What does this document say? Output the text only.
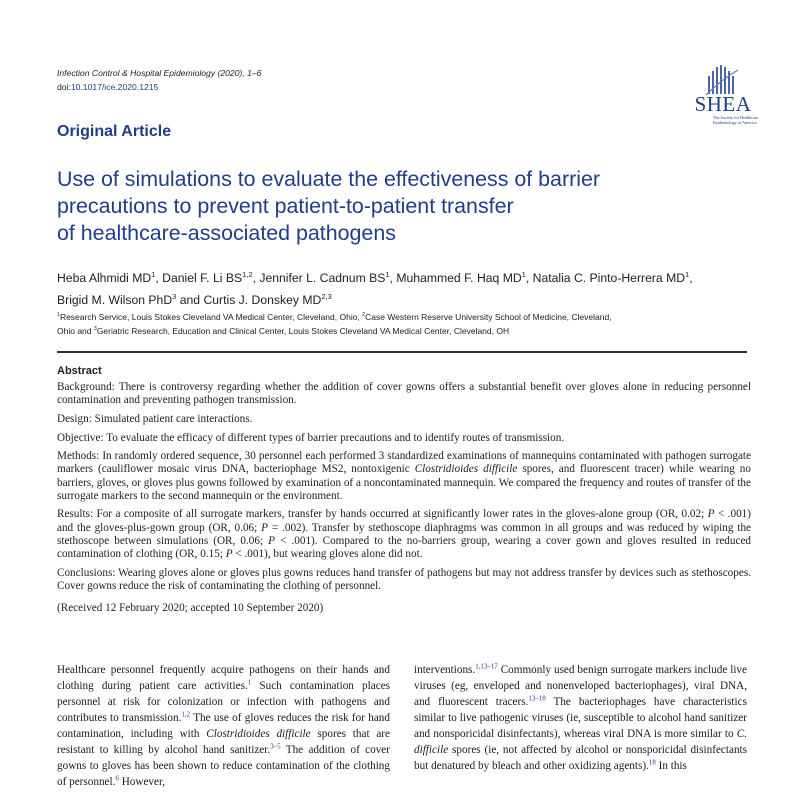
Infection Control & Hospital Epidemiology (2020), 1–6
doi:10.1017/ice.2020.1215
SHEA
The Society for Healthcare Epidemiology of America
Original Article
Use of simulations to evaluate the effectiveness of barrier
precautions to prevent patient-to-patient transfer
of healthcare-associated pathogens
Heba Alhmidi $MD^1$, Daniel F. Li BS$^{1,2}$, Jennifer L. Cadnum $BS^1$, Muhammed F. Haq $MD^1$, Natalia C. Pinto-Herrera $MD^1$,
Brigid M. Wilson PhD$^3$ and Curtis J. Donskey MD$^{2,3}$
$^1$Research Service, Louis Stokes Cleveland VA Medical Center, Cleveland, Ohio, $^2$Case Western Reserve University School of Medicine, Cleveland,
Ohio and $^3$Geriatric Research, Education and Clinical Center, Louis Stokes Cleveland VA Medical Center, Cleveland, OH
Abstract

Background: There is controversy regarding whether the addition of cover gowns offers a substantial benefit over gloves alone in reducing personnel contamination and preventing pathogen transmission.

Design: Simulated patient care interactions.

Objective: To evaluate the efficacy of different types of barrier precautions and to identify routes of transmission.

Methods: In randomly ordered sequence, 30 personnel each performed 3 standardized examinations of mannequins contaminated with pathogen surrogate markers (cauliflower mosaic virus DNA, bacteriophage MS2, nontoxigenic Clostridioides difficile spores, and fluorescent tracer) while wearing no barriers, gloves, or gloves plus gowns followed by examination of a noncontaminated mannequin. We compared the frequency and routes of transfer of the surrogate markers to the second mannequin or the environment.

Results: For a composite of all surrogate markers, transfer by hands occurred at significantly lower rates in the gloves-alone group (OR, 0.02; P < .001) and the gloves-plus-gown group (OR, 0.06; P = .002). Transfer by stethoscope diaphragms was common in all groups and was reduced by wiping the stethoscope between simulations (OR, 0.06; P < .001). Compared to the no-barriers group, wearing a cover gown and gloves resulted in reduced contamination of clothing (OR, 0.15; P < .001), but wearing gloves alone did not.

Conclusions: Wearing gloves alone or gloves plus gowns reduces hand transfer of pathogens but may not address transfer by devices such as stethoscopes. Cover gowns reduce the risk of contaminating the clothing of personnel.

(Received 12 February 2020; accepted 10 September 2020)

Healthcare personnel frequently acquire pathogens on their hands and clothing during patient care activities.$^1$ Such contamination places personnel at risk for colonization or infection with pathogens and contributes to transmission.$^{1,2}$ The use of gloves reduces the risk for hand contamination, including with Clostridioides difficile spores that are resistant to killing by alcohol hand sanitizer.$^{3-5}$ The addition of cover gowns to gloves has been shown to reduce contamination of the clothing of personnel.$^6$ However,
interventions.$^{1,13-17}$ Commonly used benign surrogate markers include live viruses (eg, enveloped and nonenveloped bacteriophages), viral DNA, and fluorescent tracers.$^{13-18}$ The bacteriophages have characteristics similar to live pathogenic viruses (ie, susceptible to alcohol hand sanitizer and nonsporicidal disinfectants), whereas viral DNA is more similar to C. difficile spores (ie, not affected by alcohol or nonsporicidal disinfectants but denatured by bleach and other oxidizing agents).$^{18}$ In this
